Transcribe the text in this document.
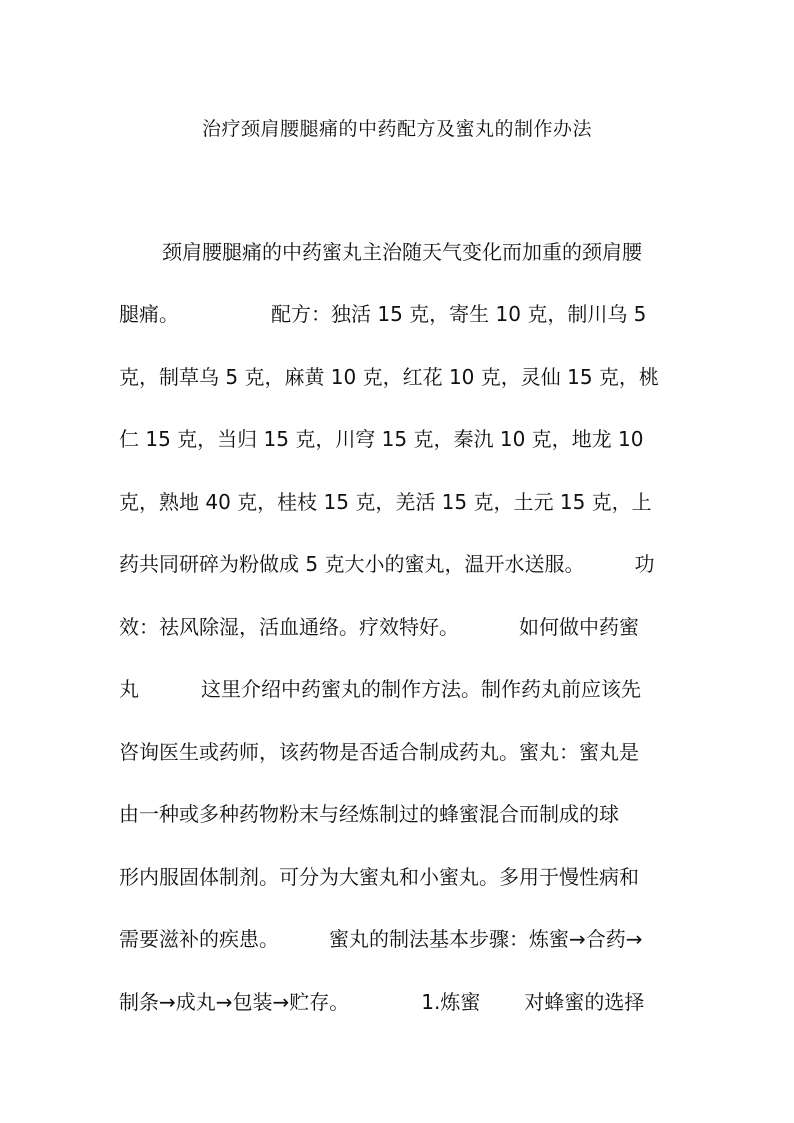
治疗颈肩腰腿痛的中药配方及蜜丸的制作办法
颈肩腰腿痛的中药蜜丸主治随天气变化而加重的颈肩腰
腿痛。	配方：独活 15 克，寄生 10 克，制川乌 5
克，制草乌 5 克，麻黄 10 克，红花 10 克，灵仙 15 克，桃
仁 15 克，当归 15 克，川穹 15 克，秦氿 10 克，地龙 10
克，熟地 40 克，桂枝 15 克，羌活 15 克，土元 15 克，上
药共同研碎为粉做成 5 克大小的蜜丸，温开水送服。	功
效：祛风除湿，活血通络。疗效特好。	如何做中药蜜
丸	这里介绍中药蜜丸的制作方法。制作药丸前应该先
咨询医生或药师，该药物是否适合制成药丸。蜜丸：蜜丸是
由一种或多种药物粉末与经炼制过的蜂蜜混合而制成的球
形内服固体制剂。可分为大蜜丸和小蜜丸。多用于慢性病和
需要滋补的疾患。	蜜丸的制法基本步骤：炼蜜→合药→
制条→成丸→包装→贮存。	1.炼蜜 对蜂蜜的选择
